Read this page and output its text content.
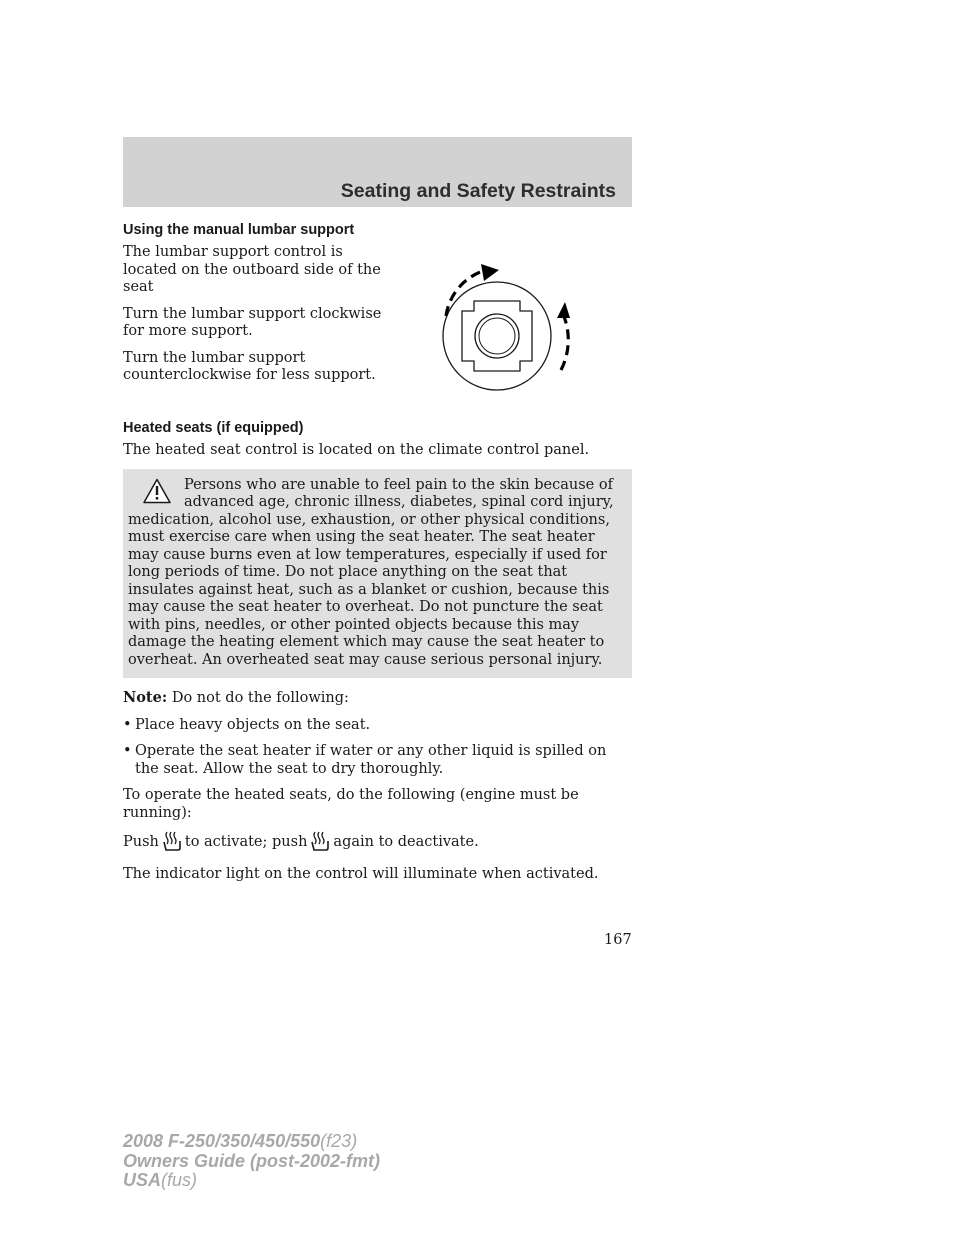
Seating and Safety Restraints
Using the manual lumbar support

The lumbar support control is located on the outboard side of the seat

Turn the lumbar support clockwise for more support.

Turn the lumbar support counterclockwise for less support.

Heated seats (if equipped)

The heated seat control is located on the climate control panel.

Persons who are unable to feel pain to the skin because of advanced age, chronic illness, diabetes, spinal cord injury, medication, alcohol use, exhaustion, or other physical conditions, must exercise care when using the seat heater. The seat heater may cause burns even at low temperatures, especially if used for long periods of time. Do not place anything on the seat that insulates against heat, such as a blanket or cushion, because this may cause the seat heater to overheat. Do not puncture the seat with pins, needles, or other pointed objects because this may damage the heating element which may cause the seat heater to overheat. An overheated seat may cause serious personal injury.

Note: Do not do the following:

• Place heavy objects on the seat.
• Operate the seat heater if water or any other liquid is spilled on the seat. Allow the seat to dry thoroughly.

To operate the heated seats, do the following (engine must be running):

Push to activate; push again to deactivate.

The indicator light on the control will illuminate when activated.

167
2008 F-250/350/450/550(f23)
Owners Guide (post-2002-fmt)
USA(fus)
